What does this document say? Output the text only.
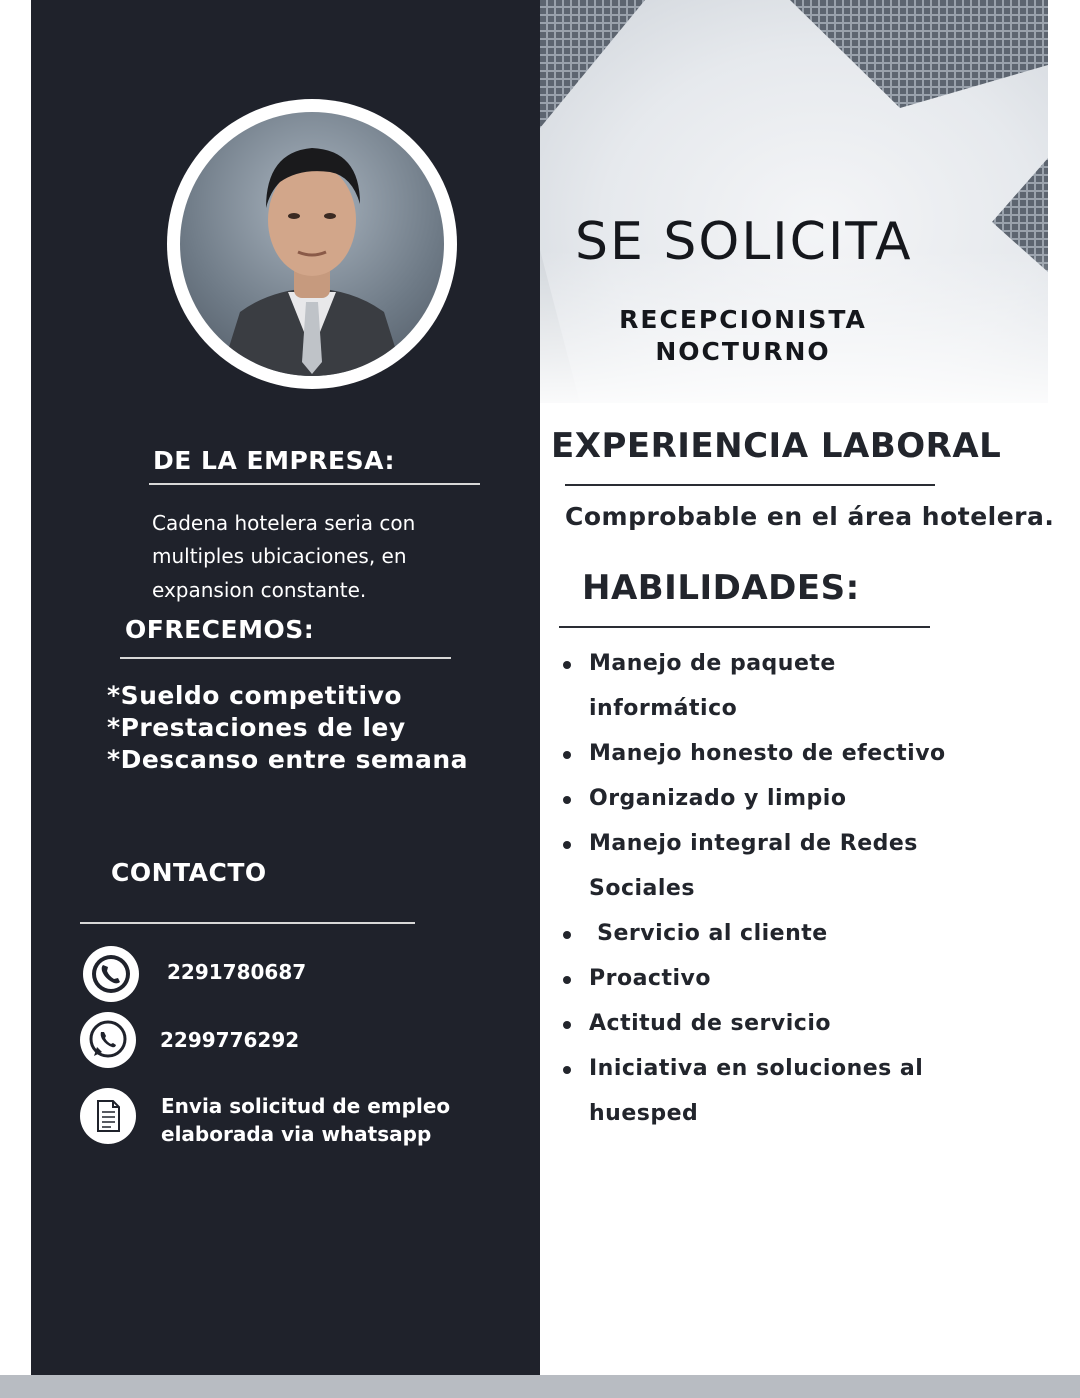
DE LA EMPRESA:
Cadena hotelera seria con
multiples ubicaciones, en
expansion constante.
OFRECEMOS:
*Sueldo competitivo
*Prestaciones de ley
*Descanso entre semana
CONTACTO
2291780687
2299776292
Envia solicitud de empleo
elaborada via whatsapp
SE SOLICITA
RECEPCIONISTA
NOCTURNO
EXPERIENCIA LABORAL
Comprobable en el área hotelera.
HABILIDADES:
Manejo de paquete
informático
Manejo honesto de efectivo
Organizado y limpio
Manejo integral de Redes
Sociales
Servicio al cliente
Proactivo
Actitud de servicio
Iniciativa en soluciones al
huesped
